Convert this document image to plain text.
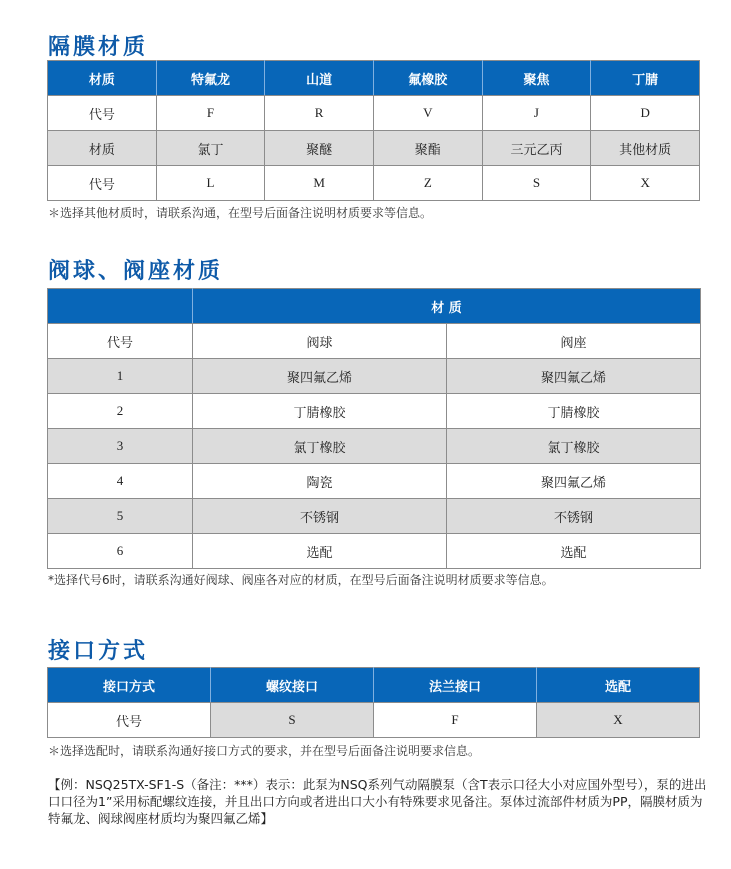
隔膜材质
材质	特氟龙	山道	氟橡胶	聚焦	丁腈
代号	F	R	V	J	D
材质	氯丁	聚醚	聚酯	三元乙丙	其他材质
代号	L	M	Z	S	X
＊选择其他材质时，请联系沟通，在型号后面备注说明材质要求等信息。
阀球、阀座材质
	材 质	
代号	阀球	阀座
1	聚四氟乙烯	聚四氟乙烯
2	丁腈橡胶	丁腈橡胶
3	氯丁橡胶	氯丁橡胶
4	陶瓷	聚四氟乙烯
5	不锈钢	不锈钢
6	选配	选配
*选择代号6时，请联系沟通好阀球、阀座各对应的材质，在型号后面备注说明材质要求等信息。
接口方式
接口方式	螺纹接口	法兰接口	选配
代号	S	F	X
＊选择选配时，请联系沟通好接口方式的要求，并在型号后面备注说明要求信息。
【例：NSQ25TX-SF1-S（备注：***）表示：此泵为NSQ系列气动隔膜泵（含T表示口径大小对应国外型号），泵的进出口口径为1”采用标配螺纹连接，并且出口方向或者进出口大小有特殊要求见备注。泵体过流部件材质为PP，隔膜材质为特氟龙、阀球阀座材质均为聚四氟乙烯】
